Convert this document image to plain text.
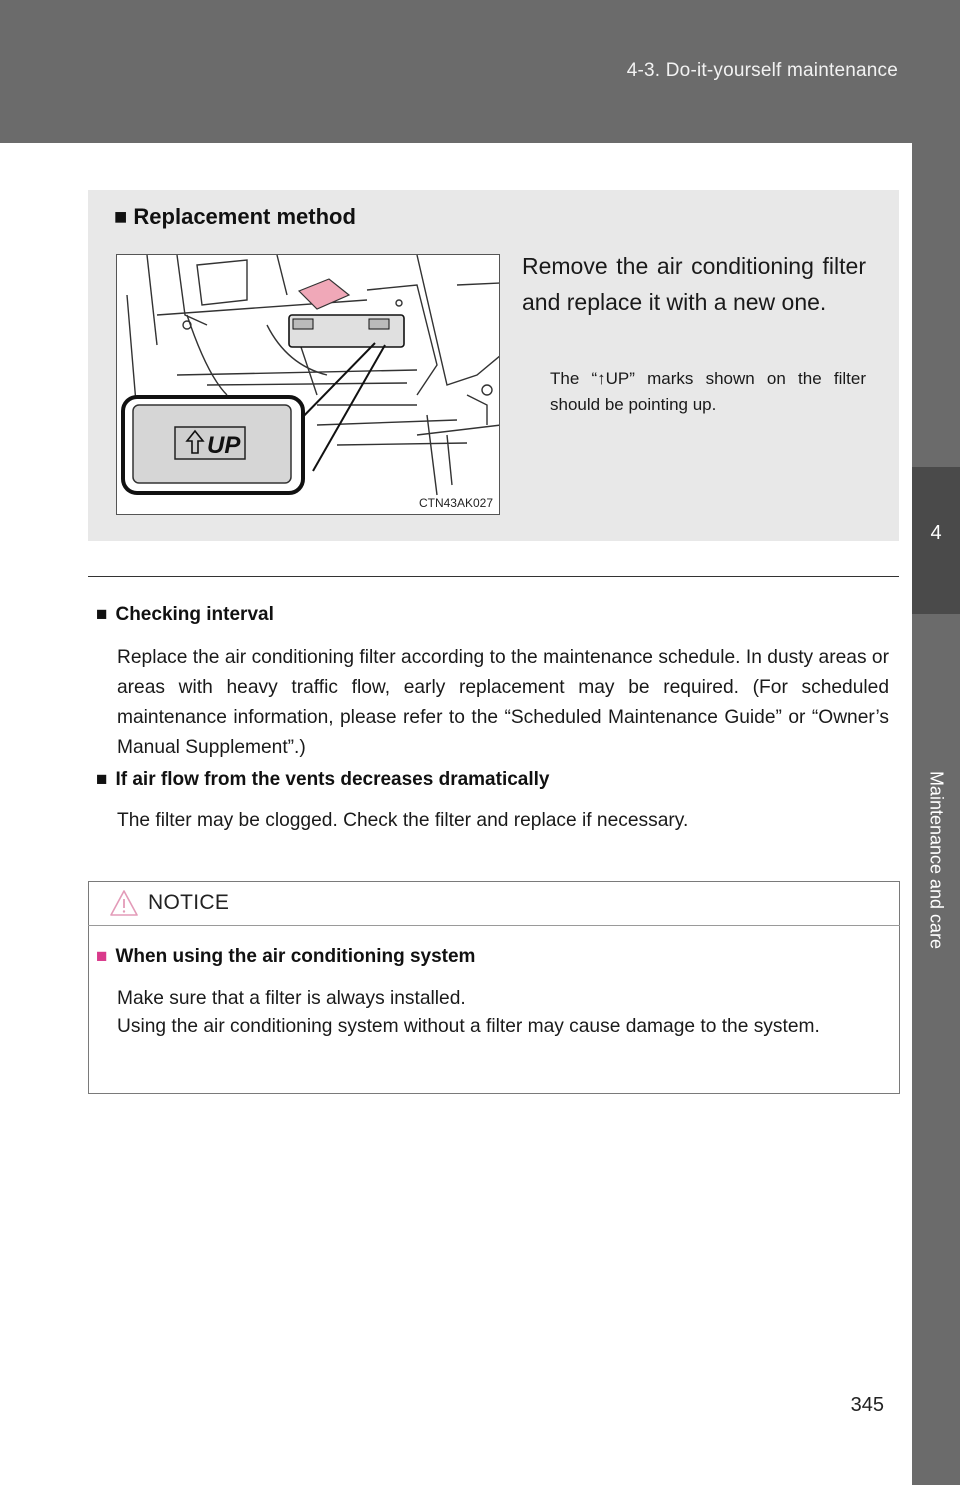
4-3. Do-it-yourself maintenance
4
Maintenance and care
■ Replacement method
UP
CTN43AK027
Remove the air conditioning filter and replace it with a new one.
The “↑UP” marks shown on the filter should be pointing up.
■ Checking interval
Replace the air conditioning filter according to the maintenance schedule. In dusty areas or areas with heavy traffic flow, early replacement may be required. (For scheduled maintenance information, please refer to the “Scheduled Maintenance Guide” or “Owner’s Manual Supplement”.)
■ If air flow from the vents decreases dramatically
The filter may be clogged. Check the filter and replace if necessary.
NOTICE
■ When using the air conditioning system
Make sure that a filter is always installed.
Using the air conditioning system without a filter may cause damage to the system.
345
